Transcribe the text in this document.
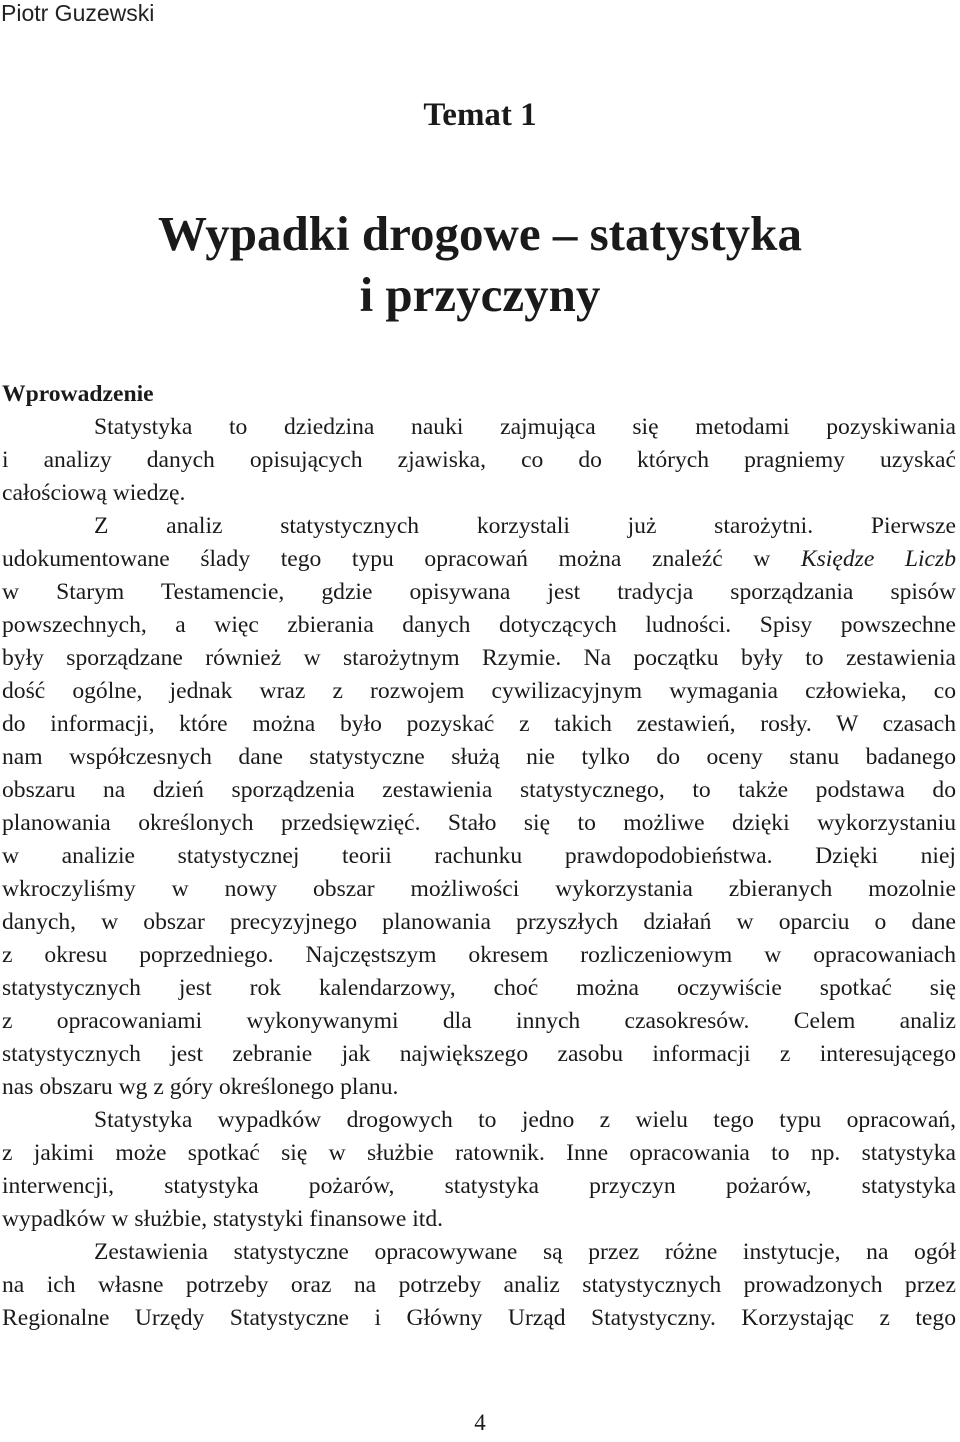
Piotr Guzewski
Temat 1
Wypadki drogowe – statystyka
i przyczyny
Wprowadzenie
Statystyka to dziedzina nauki zajmująca się metodami pozyskiwania
i analizy danych opisujących zjawiska, co do których pragniemy uzyskać
całościową wiedzę.
Z analiz statystycznych korzystali już starożytni. Pierwsze
udokumentowane ślady tego typu opracowań można znaleźć w Księdze Liczb
w Starym Testamencie, gdzie opisywana jest tradycja sporządzania spisów
powszechnych, a więc zbierania danych dotyczących ludności. Spisy powszechne
były sporządzane również w starożytnym Rzymie. Na początku były to zestawienia
dość ogólne, jednak wraz z rozwojem cywilizacyjnym wymagania człowieka, co
do informacji, które można było pozyskać z takich zestawień, rosły. W czasach
nam współczesnych dane statystyczne służą nie tylko do oceny stanu badanego
obszaru na dzień sporządzenia zestawienia statystycznego, to także podstawa do
planowania określonych przedsięwzięć. Stało się to możliwe dzięki wykorzystaniu
w analizie statystycznej teorii rachunku prawdopodobieństwa. Dzięki niej
wkroczyliśmy w nowy obszar możliwości wykorzystania zbieranych mozolnie
danych, w obszar precyzyjnego planowania przyszłych działań w oparciu o dane
z okresu poprzedniego. Najczęstszym okresem rozliczeniowym w opracowaniach
statystycznych jest rok kalendarzowy, choć można oczywiście spotkać się
z opracowaniami wykonywanymi dla innych czasokresów. Celem analiz
statystycznych jest zebranie jak największego zasobu informacji z interesującego
nas obszaru wg z góry określonego planu.
Statystyka wypadków drogowych to jedno z wielu tego typu opracowań,
z jakimi może spotkać się w służbie ratownik. Inne opracowania to np. statystyka
interwencji, statystyka pożarów, statystyka przyczyn pożarów, statystyka
wypadków w służbie, statystyki finansowe itd.
Zestawienia statystyczne opracowywane są przez różne instytucje, na ogół
na ich własne potrzeby oraz na potrzeby analiz statystycznych prowadzonych przez
Regionalne Urzędy Statystyczne i Główny Urząd Statystyczny. Korzystając z tego
4
